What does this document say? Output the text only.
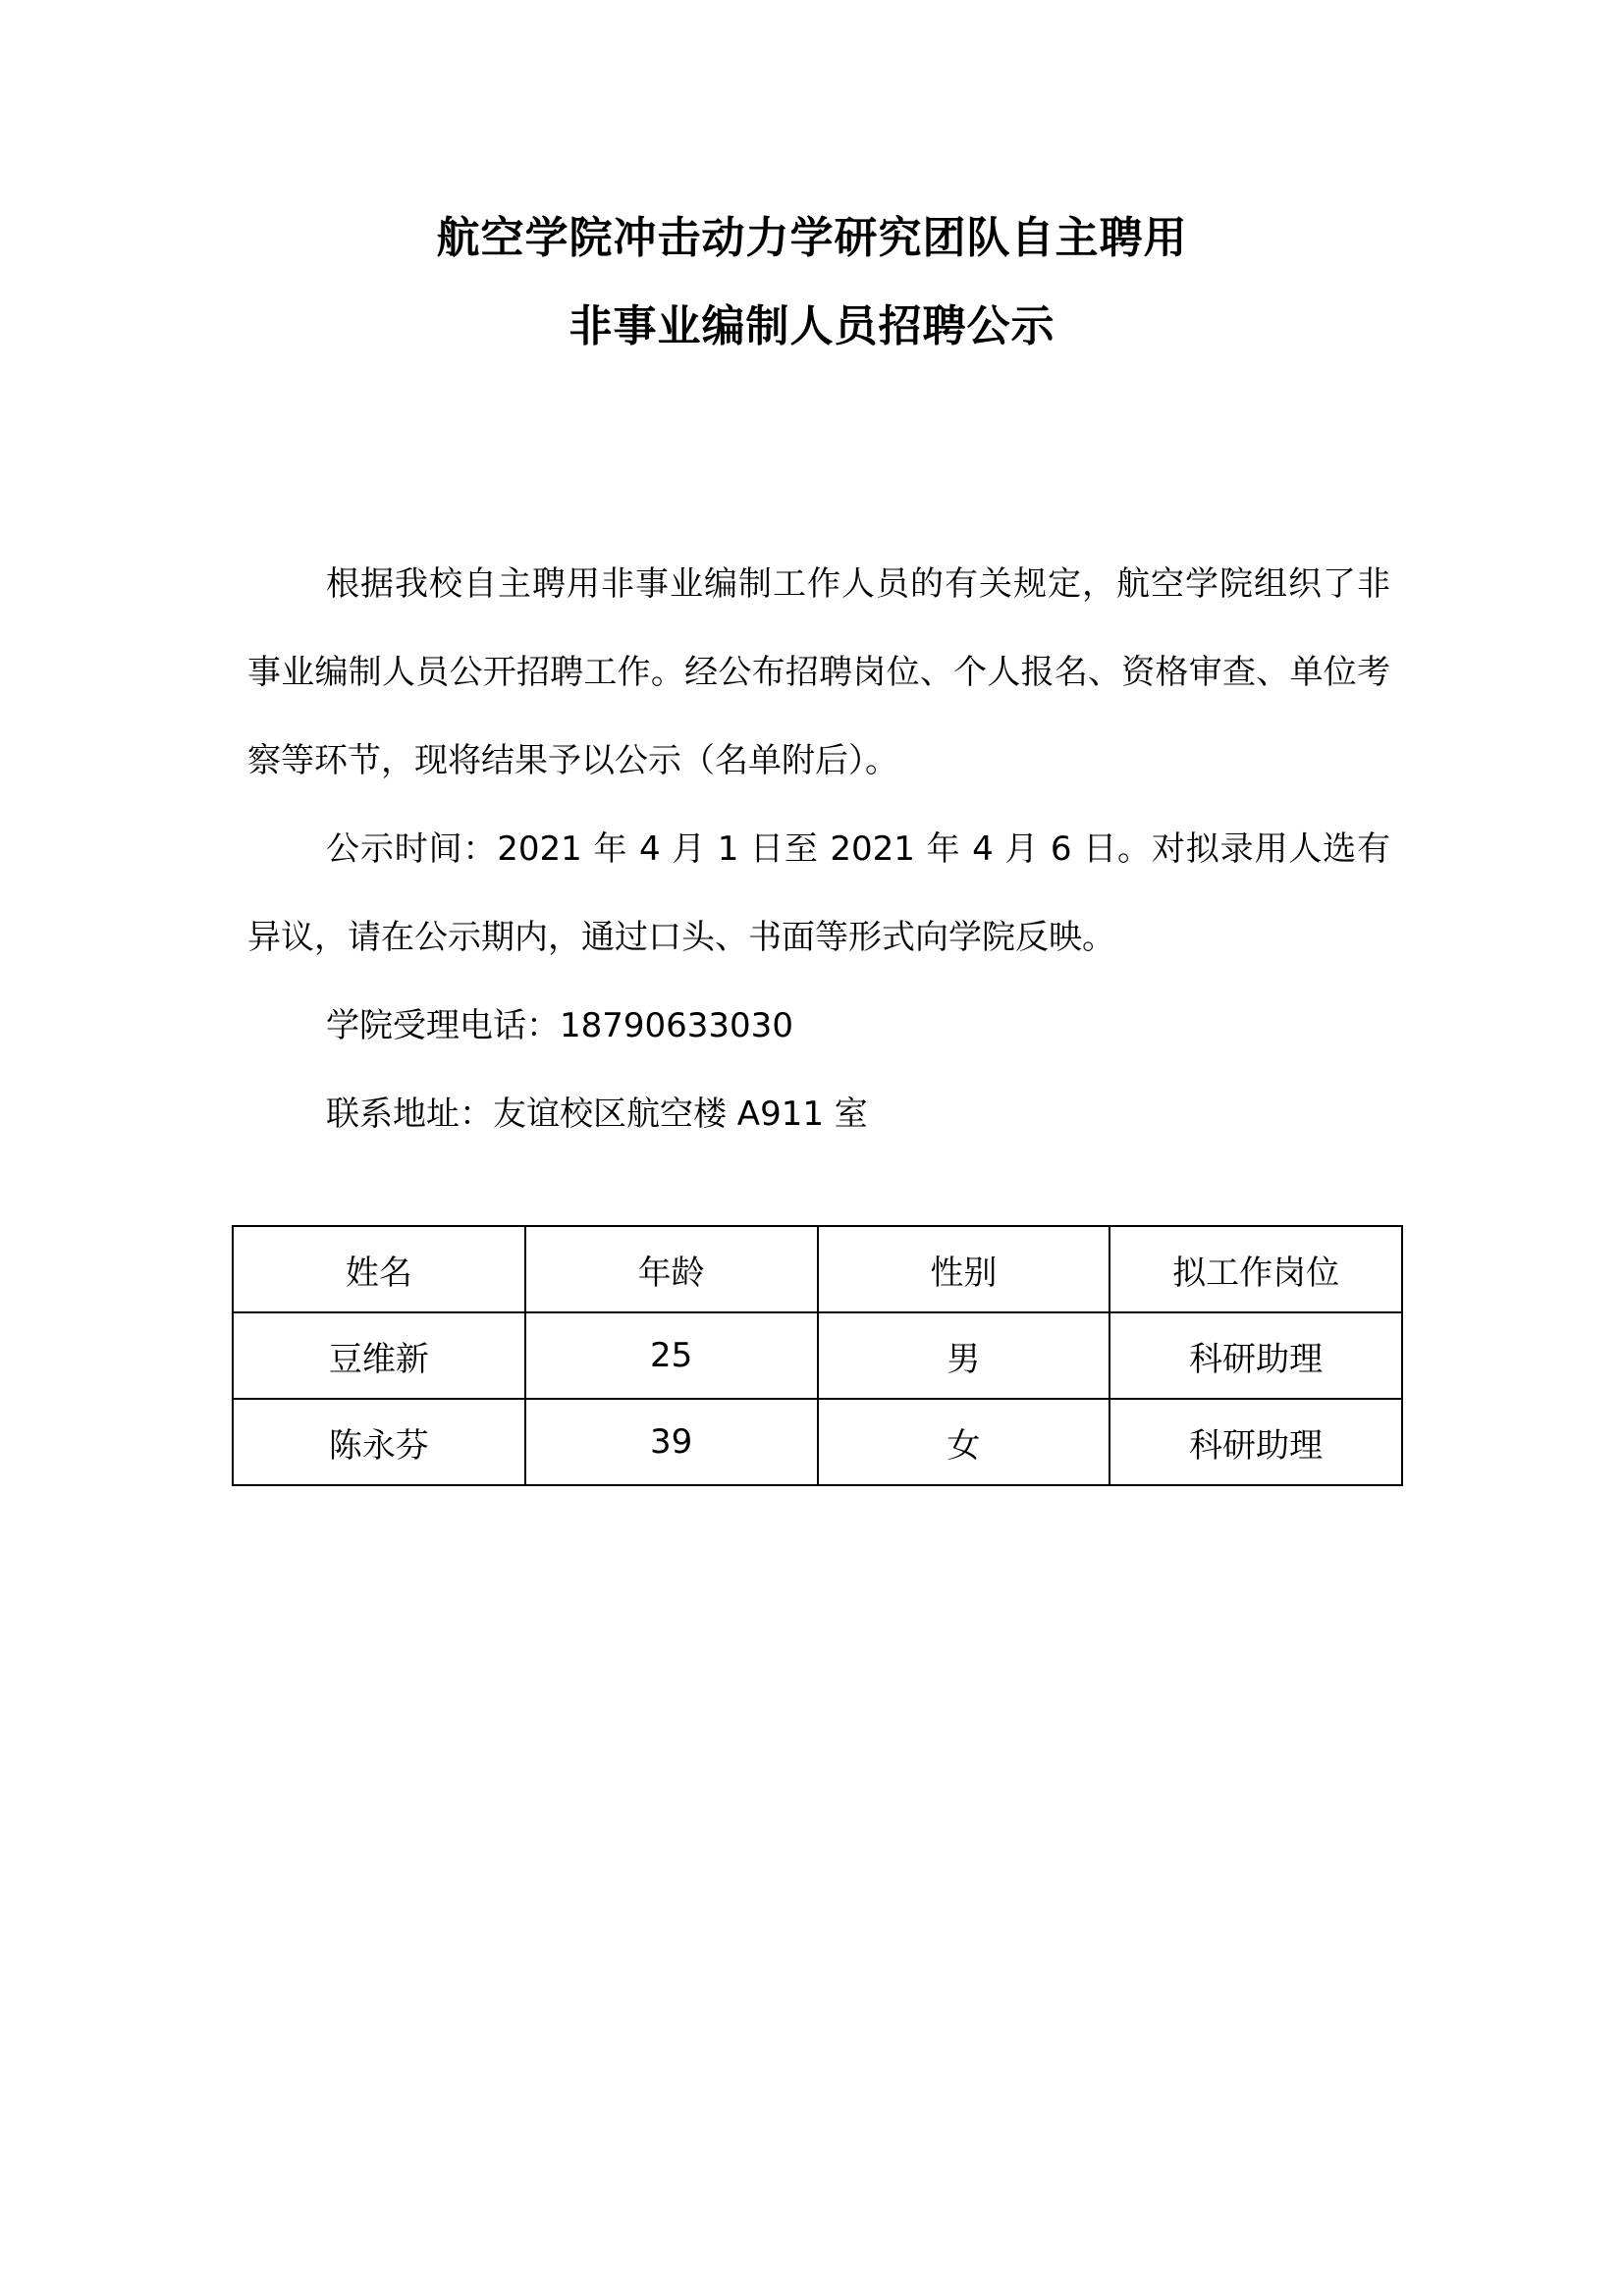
航空学院冲击动力学研究团队自主聘用
非事业编制人员招聘公示

根据我校自主聘用非事业编制工作人员的有关规定，航空学院组织了非事业编制人员公开招聘工作。经公布招聘岗位、个人报名、资格审查、单位考察等环节，现将结果予以公示（名单附后）。

公示时间：2021 年 4 月 1 日至 2021 年 4 月 6 日。对拟录用人选有异议，请在公示期内，通过口头、书面等形式向学院反映。

学院受理电话：18790633030

联系地址：友谊校区航空楼 A911 室

姓名	年龄	性别	拟工作岗位
豆维新	25	男	科研助理
陈永芬	39	女	科研助理
